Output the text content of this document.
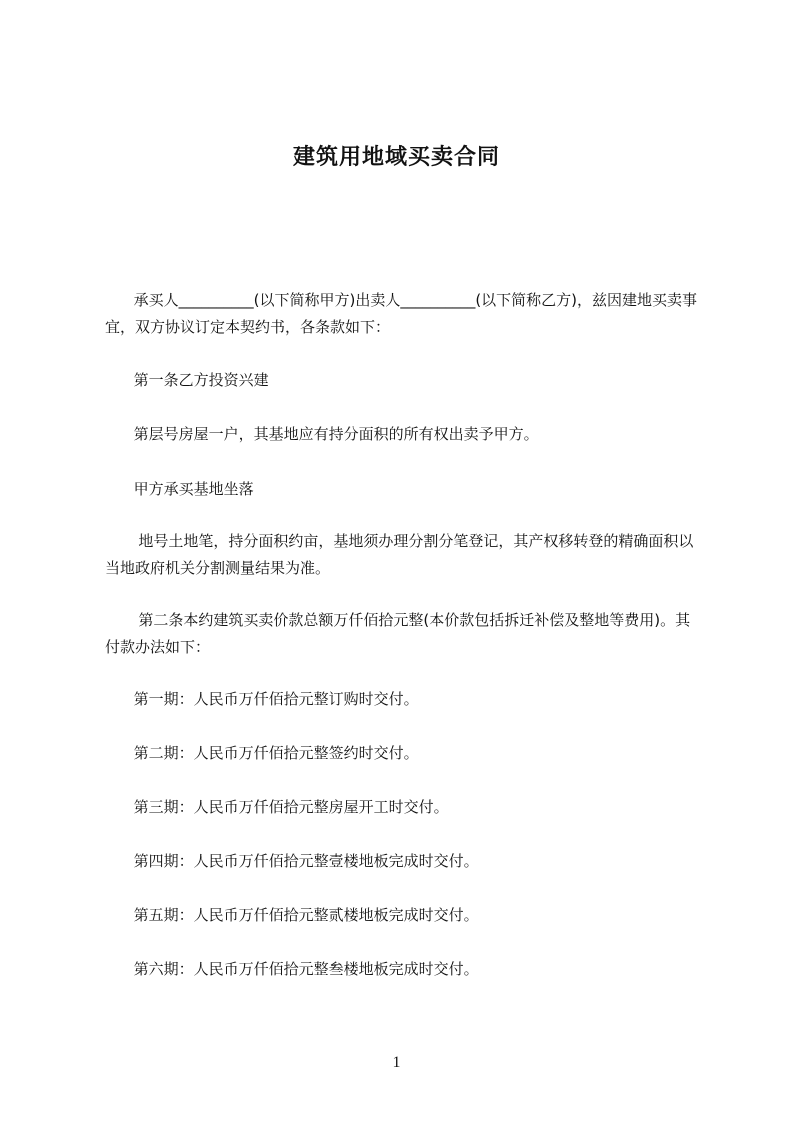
建筑用地域买卖合同

承买人__________(以下简称甲方)出卖人__________(以下简称乙方)，兹因建地买卖事宜，双方协议订定本契约书，各条款如下：

第一条乙方投资兴建

第层号房屋一户，其基地应有持分面积的所有权出卖予甲方。

甲方承买基地坐落

地号土地笔，持分面积约亩，基地须办理分割分笔登记，其产权移转登的精确面积以当地政府机关分割测量结果为准。

第二条本约建筑买卖价款总额万仟佰拾元整(本价款包括拆迁补偿及整地等费用)。其付款办法如下：

第一期：人民币万仟佰拾元整订购时交付。

第二期：人民币万仟佰拾元整签约时交付。

第三期：人民币万仟佰拾元整房屋开工时交付。

第四期：人民币万仟佰拾元整壹楼地板完成时交付。

第五期：人民币万仟佰拾元整贰楼地板完成时交付。

第六期：人民币万仟佰拾元整叁楼地板完成时交付。

1
